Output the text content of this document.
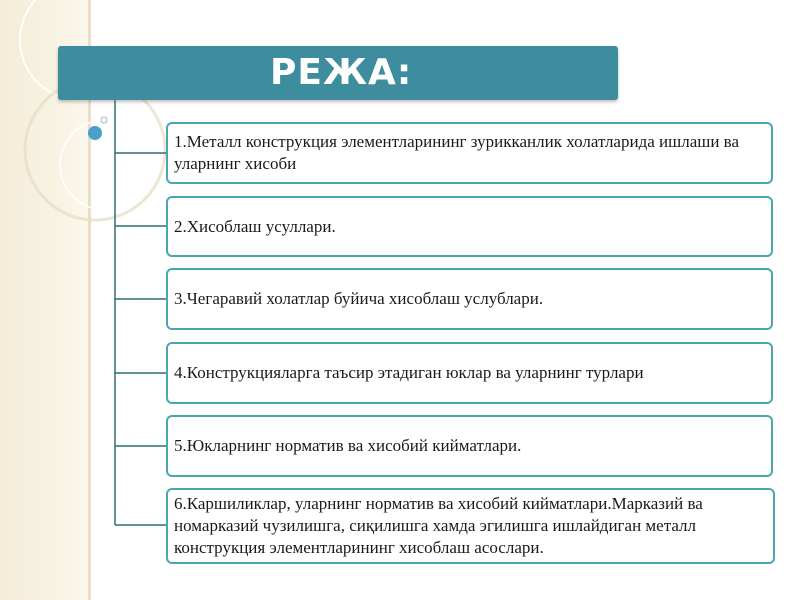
РЕЖА:
1.Металл конструкция элементларининг зурикканлик холатларида ишлаши ва уларнинг хисоби
2.Хисоблаш усуллари.
3.Чегаравий холатлар буйича хисоблаш услублари.
4.Конструкцияларга таъсир этадиган юклар ва уларнинг турлари
5.Юкларнинг норматив ва хисобий кийматлари.
6.Каршиликлар, уларнинг норматив ва хисобий кийматлари.Марказий ва номарказий чузилишга, сиқилишга хамда эгилишга ишлайдиган металл конструкция элементларининг хисоблаш асослари.
